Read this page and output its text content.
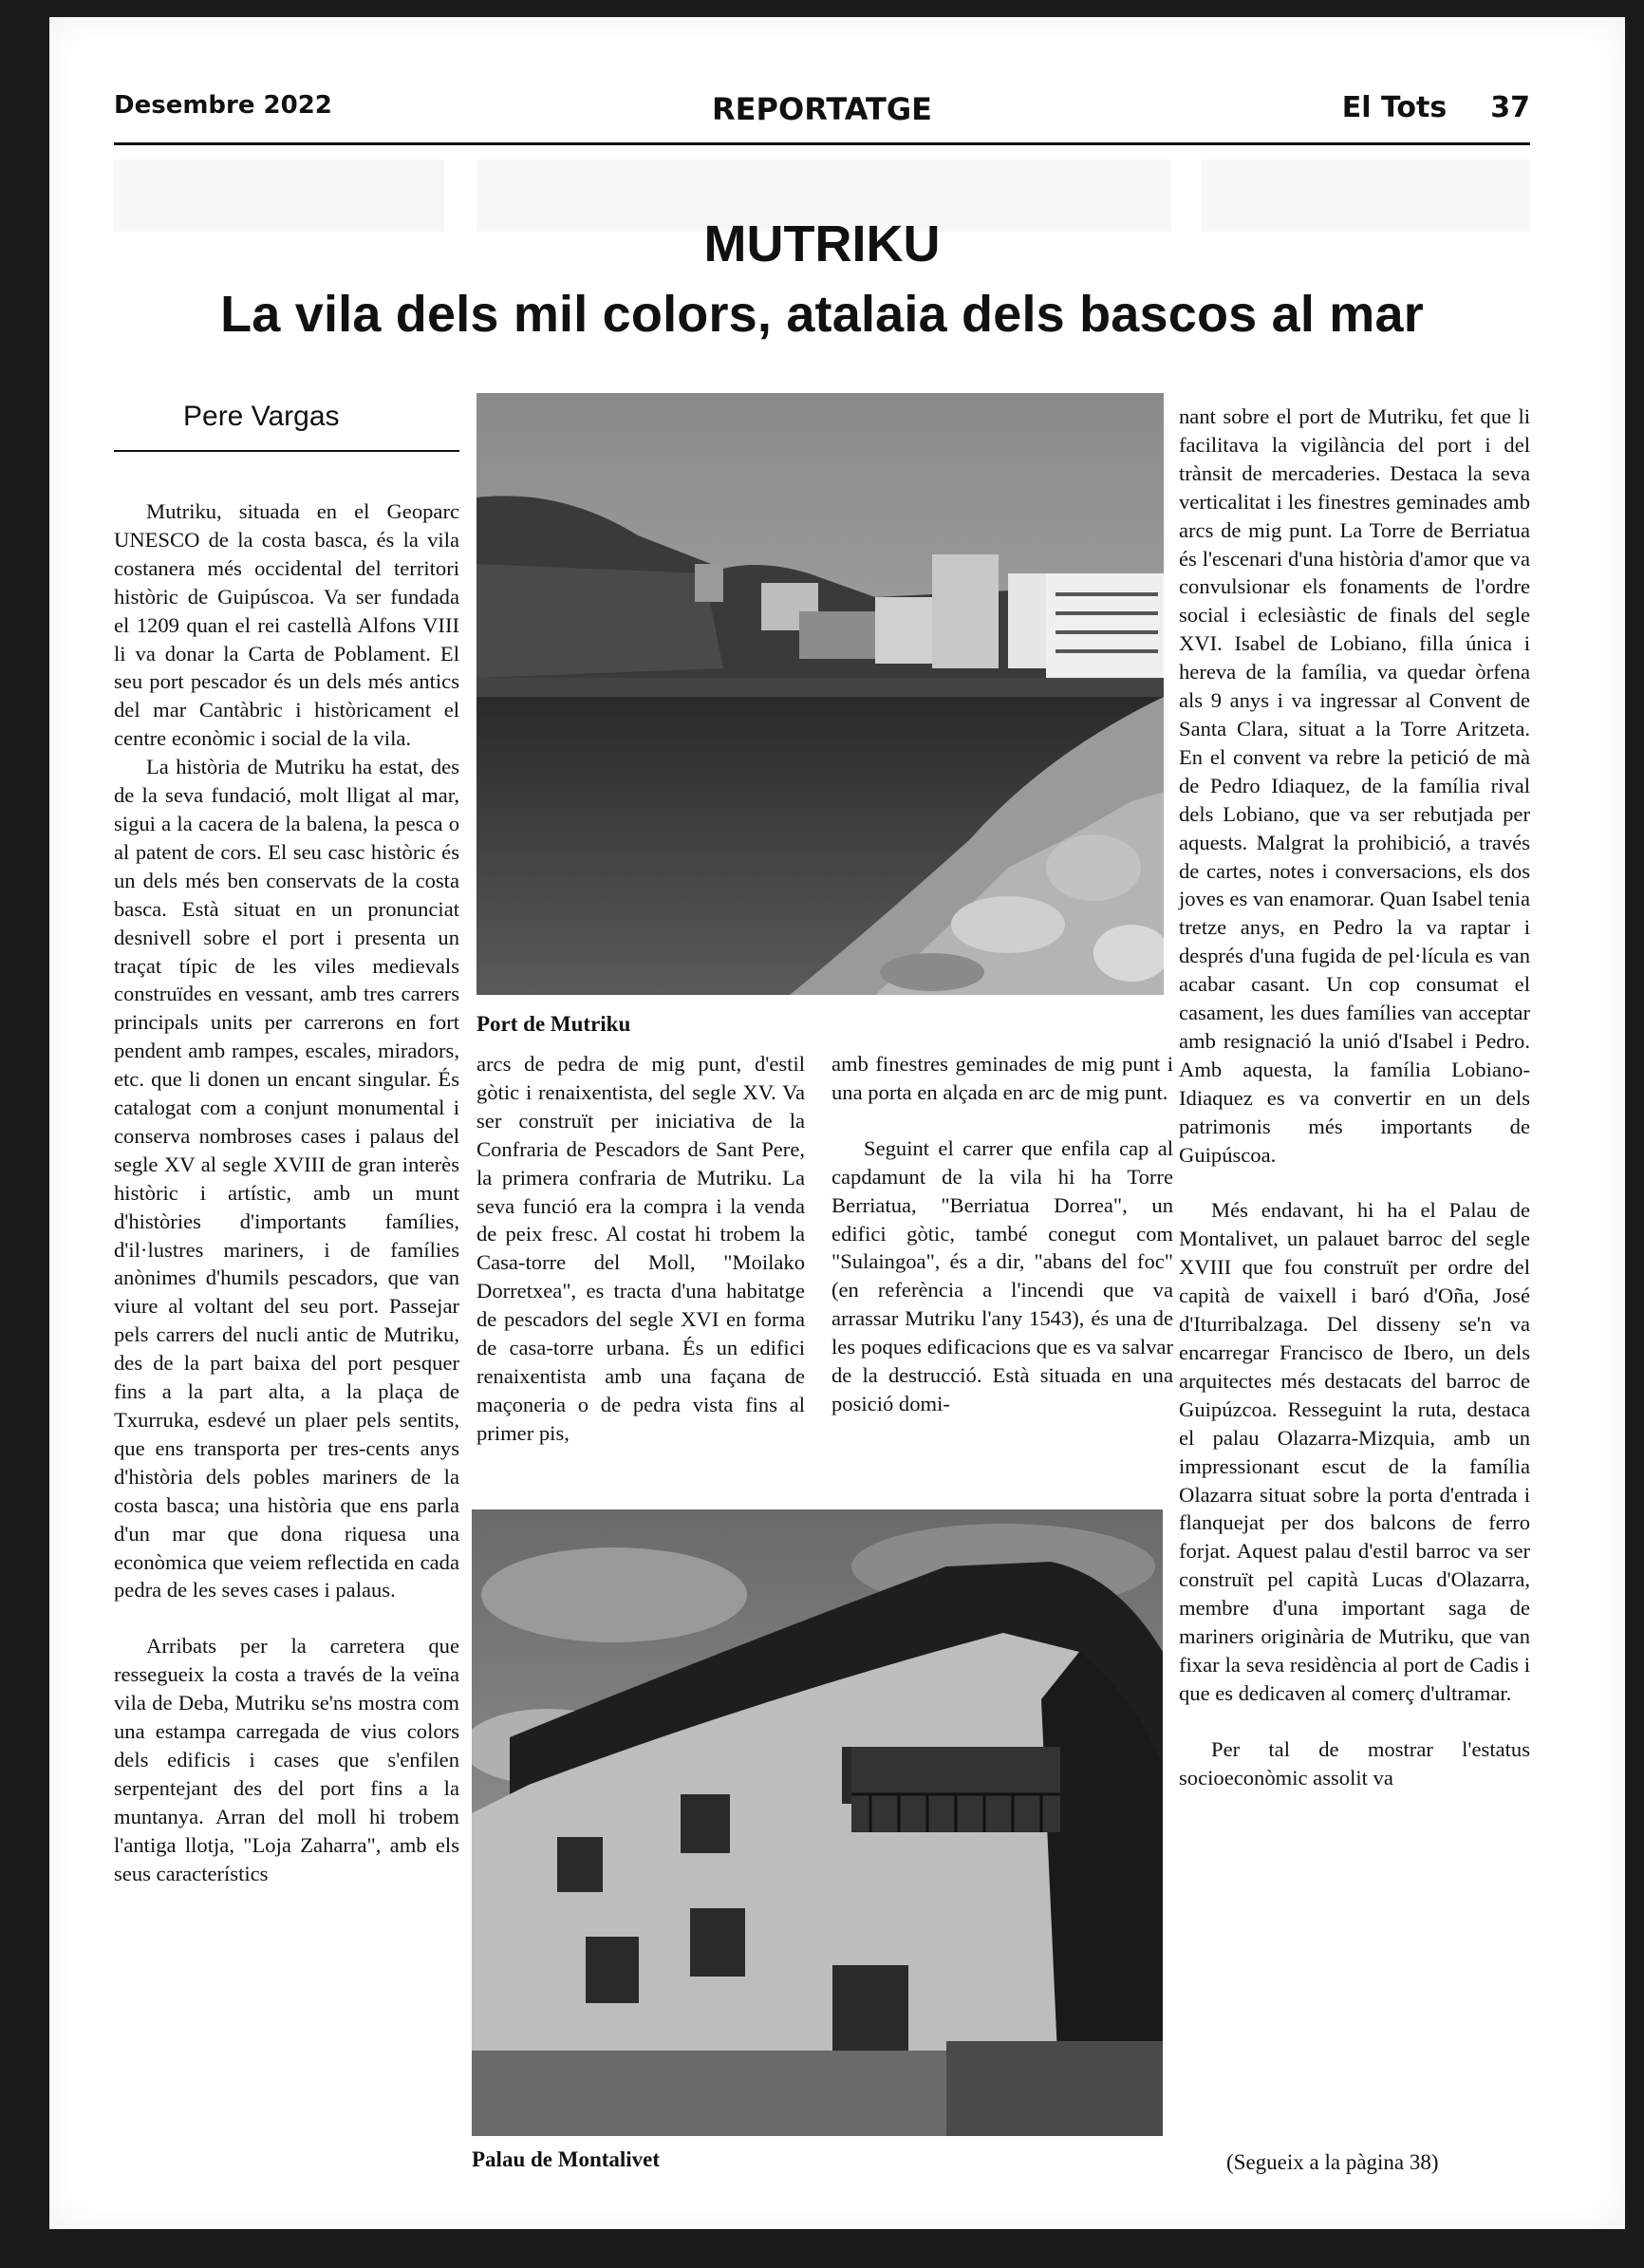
Desembre 2022	REPORTATGE	El Tots 37
MUTRIKU
La vila dels mil colors, atalaia dels bascos al mar
Pere Vargas

Mutriku, situada en el Geoparc UNESCO de la costa basca, és la vila costanera més occidental del territori històric de Guipúscoa. Va ser fundada el 1209 quan el rei castellà Alfons VIII li va donar la Carta de Poblament. El seu port pescador és un dels més antics del mar Cantàbric i històricament el centre econòmic i social de la vila.

La història de Mutriku ha estat, des de la seva fundació, molt lligat al mar, sigui a la cacera de la balena, la pesca o al patent de cors. El seu casc històric és un dels més ben conservats de la costa basca. Està situat en un pronunciat desnivell sobre el port i presenta un traçat típic de les viles medievals construïdes en vessant, amb tres carrers principals units per carrerons en fort pendent amb rampes, escales, miradors, etc. que li donen un encant singular. És catalogat com a conjunt monumental i conserva nombroses cases i palaus del segle XV al segle XVIII de gran interès històric i artístic, amb un munt d'històries d'importants famílies, d'il·lustres mariners, i de famílies anònimes d'humils pescadors, que van viure al voltant del seu port. Passejar pels carrers del nucli antic de Mutriku, des de la part baixa del port pesquer fins a la part alta, a la plaça de Txurruka, esdevé un plaer pels sentits, que ens transporta per tres-cents anys d'història dels pobles mariners de la costa basca; una història que ens parla d'un mar que dona riquesa una econòmica que veiem reflectida en cada pedra de les seves cases i palaus.

Arribats per la carretera que ressegueix la costa a través de la veïna vila de Deba, Mutriku se'ns mostra com una estampa carregada de vius colors dels edificis i cases que s'enfilen serpentejant des del port fins a la muntanya. Arran del moll hi trobem l'antiga llotja, "Loja Zaharra", amb els seus característics

Port de Mutriku

arcs de pedra de mig punt, d'estil gòtic i renaixentista, del segle XV. Va ser construït per iniciativa de la Confraria de Pescadors de Sant Pere, la primera confraria de Mutriku. La seva funció era la compra i la venda de peix fresc. Al costat hi trobem la Casa-torre del Moll, "Moilako Dorretxea", es tracta d'una habitatge de pescadors del segle XVI en forma de casa-torre urbana. És un edifici renaixentista amb una façana de maçoneria o de pedra vista fins al primer pis,

amb finestres geminades de mig punt i una porta en alçada en arc de mig punt.

Seguint el carrer que enfila cap al capdamunt de la vila hi ha Torre Berriatua, "Berriatua Dorrea", un edifici gòtic, també conegut com "Sulaingoa", és a dir, "abans del foc" (en referència a l'incendi que va arrassar Mutriku l'any 1543), és una de les poques edificacions que es va salvar de la destrucció. Està situada en una posició domi-

nant sobre el port de Mutriku, fet que li facilitava la vigilància del port i del trànsit de mercaderies. Destaca la seva verticalitat i les finestres geminades amb arcs de mig punt. La Torre de Berriatua és l'escenari d'una història d'amor que va convulsionar els fonaments de l'ordre social i eclesiàstic de finals del segle XVI. Isabel de Lobiano, filla única i hereva de la família, va quedar òrfena als 9 anys i va ingressar al Convent de Santa Clara, situat a la Torre Aritzeta. En el convent va rebre la petició de mà de Pedro Idiaquez, de la família rival dels Lobiano, que va ser rebutjada per aquests. Malgrat la prohibició, a través de cartes, notes i conversacions, els dos joves es van enamorar. Quan Isabel tenia tretze anys, en Pedro la va raptar i després d'una fugida de pel·lícula es van acabar casant. Un cop consumat el casament, les dues famílies van acceptar amb resignació la unió d'Isabel i Pedro. Amb aquesta, la família Lobiano-Idiaquez es va convertir en un dels patrimonis més importants de Guipúscoa.

Més endavant, hi ha el Palau de Montalivet, un palauet barroc del segle XVIII que fou construït per ordre del capità de vaixell i baró d'Oña, José d'Iturribalzaga. Del disseny se'n va encarregar Francisco de Ibero, un dels arquitectes més destacats del barroc de Guipúzcoa. Resseguint la ruta, destaca el palau Olazarra-Mizquia, amb un impressionant escut de la família Olazarra situat sobre la porta d'entrada i flanquejat per dos balcons de ferro forjat. Aquest palau d'estil barroc va ser construït pel capità Lucas d'Olazarra, membre d'una important saga de mariners originària de Mutriku, que van fixar la seva residència al port de Cadis i que es dedicaven al comerç d'ultramar.

Per tal de mostrar l'estatus socioeconòmic assolit va

Palau de Montalivet	(Segueix a la pàgina 38)
